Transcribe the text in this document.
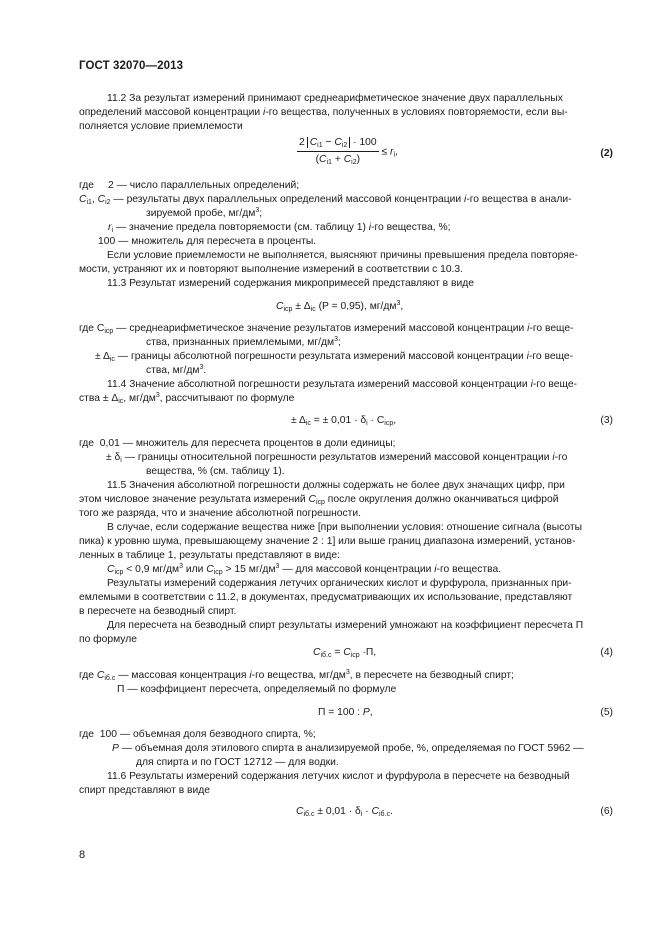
ГОСТ 32070—2013
11.2 За результат измерений принимают среднеарифметическое значение двух параллельных
определений массовой концентрации i-го вещества, полученных в условиях повторяемости, если вы-
полняется условие приемлемости
$\frac{2 C_{i1} - C_{i2} \cdot 100}{(C_{i1} + C_{i2})} \le r_i$,	(2)
где 2 — число параллельных определений;
$C_{i1}$, $C_{i2}$ — результаты двух параллельных определений массовой концентрации i-го вещества в анали-
зируемой пробе, $мг/дм^3$;
$r_i$ — значение предела повторяемости (см. таблицу 1) i-го вещества, %;
100 — множитель для пересчета в проценты.
Если условие приемлемости не выполняется, выясняют причины превышения предела повторяе-
мости, устраняют их и повторяют выполнение измерений в соответствии с 10.3.
11.3 Результат измерений содержания микропримесей представляют в виде
$C_{iср} \pm \Delta_{iс}$ (P = 0,95), $мг/дм^3$,
где $C_{iср}$ — среднеарифметическое значение результатов измерений массовой концентрации i-го веще-
ства, признанных приемлемыми, $мг/дм^3$;
± $\Delta_{iс}$ — границы абсолютной погрешности результата измерений массовой концентрации i-го веще-
ства, $мг/дм^3$.
11.4 Значение абсолютной погрешности результата измерений массовой концентрации i-го веще-
ства ± $\Delta_{iс}$, $мг/дм^3$, рассчитывают по формуле
± $\Delta_{iс}$ = ± $0,01 \cdot \delta_i \cdot C_{iср}$,	(3)
где 0,01 — множитель для пересчета процентов в доли единицы;
± $\delta_i$ — границы относительной погрешности результатов измерений массовой концентрации i-го
вещества, % (см. таблицу 1).
11.5 Значения абсолютной погрешности должны содержать не более двух значащих цифр, при
этом числовое значение результата измерений $C_{iср}$ после округления должно оканчиваться цифрой
того же разряда, что и значение абсолютной погрешности.
В случае, если содержание вещества ниже [при выполнении условия: отношение сигнала (высоты
пика) к уровню шума, превышающему значение 2 : 1] или выше границ диапазона измерений, установ-
ленных в таблице 1, результаты представляют в виде:
$C_{iср} < 0,9$ $мг/дм^3$ или $C_{iср} > 15$ $мг/дм^3$ — для массовой концентрации i-го вещества.
Результаты измерений содержания летучих органических кислот и фурфурола, признанных при-
емлемыми в соответствии с 11.2, в документах, предусматривающих их использование, представляют
в пересчете на безводный спирт.
Для пересчета на безводный спирт результаты измерений умножают на коэффициент пересчета П
по формуле
$C_{iб.с} = C_{iср} \cdot П$,	(4)
где $C_{iб.с}$ — массовая концентрация i-го вещества, $мг/дм^3$, в пересчете на безводный спирт;
П — коэффициент пересчета, определяемый по формуле
П = 100 : P,	(5)
где 100 — объемная доля безводного спирта, %;
P — объемная доля этилового спирта в анализируемой пробе, %, определяемая по ГОСТ 5962 —
для спирта и по ГОСТ 12712 — для водки.
11.6 Результаты измерений содержания летучих кислот и фурфурола в пересчете на безводный
спирт представляют в виде
$C_{iб.с} \pm 0,01 \cdot \delta_i \cdot C_{iб.с}$.	(6)
8
